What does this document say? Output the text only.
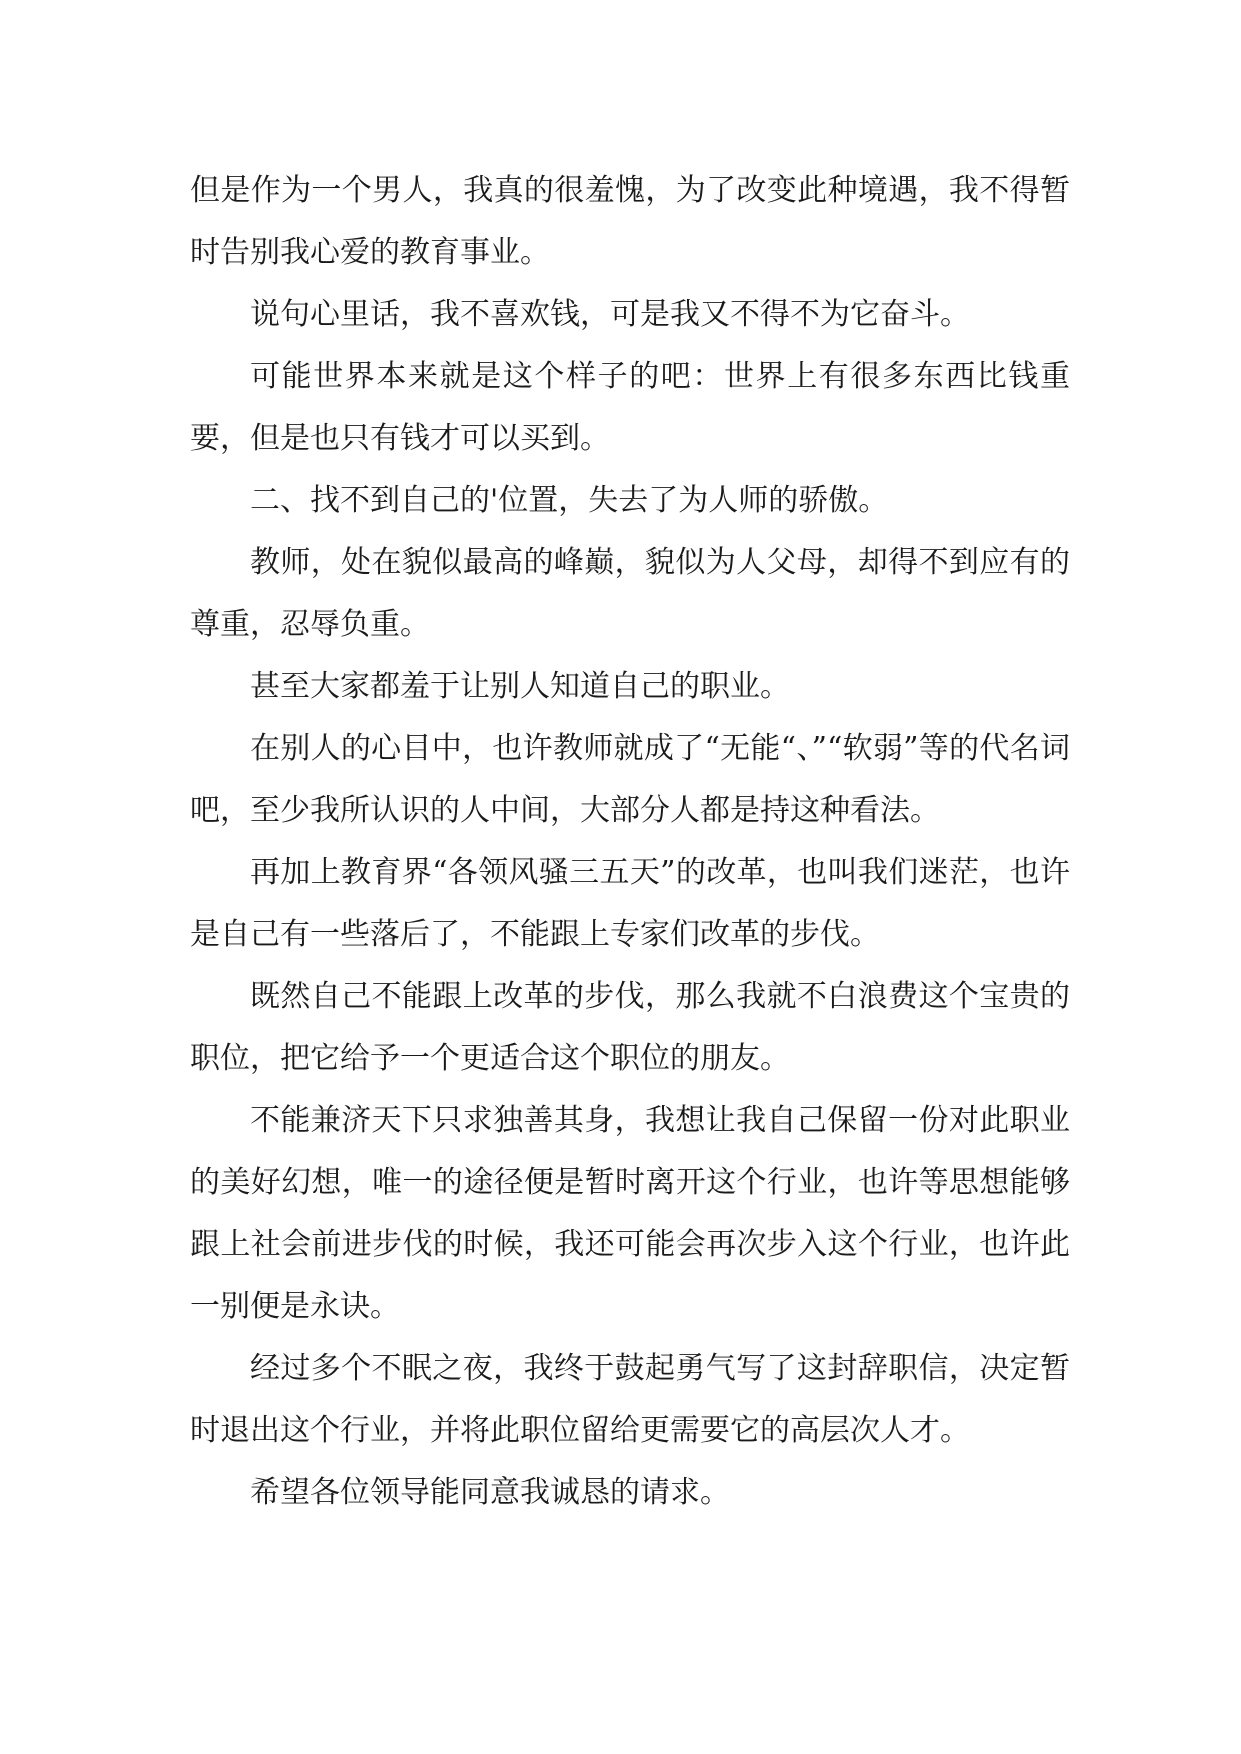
但是作为一个男人，我真的很羞愧，为了改变此种境遇，我不得暂时告别我心爱的教育事业。

说句心里话，我不喜欢钱，可是我又不得不为它奋斗。

可能世界本来就是这个样子的吧：世界上有很多东西比钱重要，但是也只有钱才可以买到。

二、找不到自己的'位置，失去了为人师的骄傲。

教师，处在貌似最高的峰巅，貌似为人父母，却得不到应有的尊重，忍辱负重。

甚至大家都羞于让别人知道自己的职业。

在别人的心目中，也许教师就成了“无能“、”“软弱”等的代名词吧，至少我所认识的人中间，大部分人都是持这种看法。

再加上教育界“各领风骚三五天”的改革，也叫我们迷茫，也许是自己有一些落后了，不能跟上专家们改革的步伐。

既然自己不能跟上改革的步伐，那么我就不白浪费这个宝贵的职位，把它给予一个更适合这个职位的朋友。

不能兼济天下只求独善其身，我想让我自己保留一份对此职业的美好幻想，唯一的途径便是暂时离开这个行业，也许等思想能够跟上社会前进步伐的时候，我还可能会再次步入这个行业，也许此一别便是永诀。

经过多个不眠之夜，我终于鼓起勇气写了这封辞职信，决定暂时退出这个行业，并将此职位留给更需要它的高层次人才。

希望各位领导能同意我诚恳的请求。
